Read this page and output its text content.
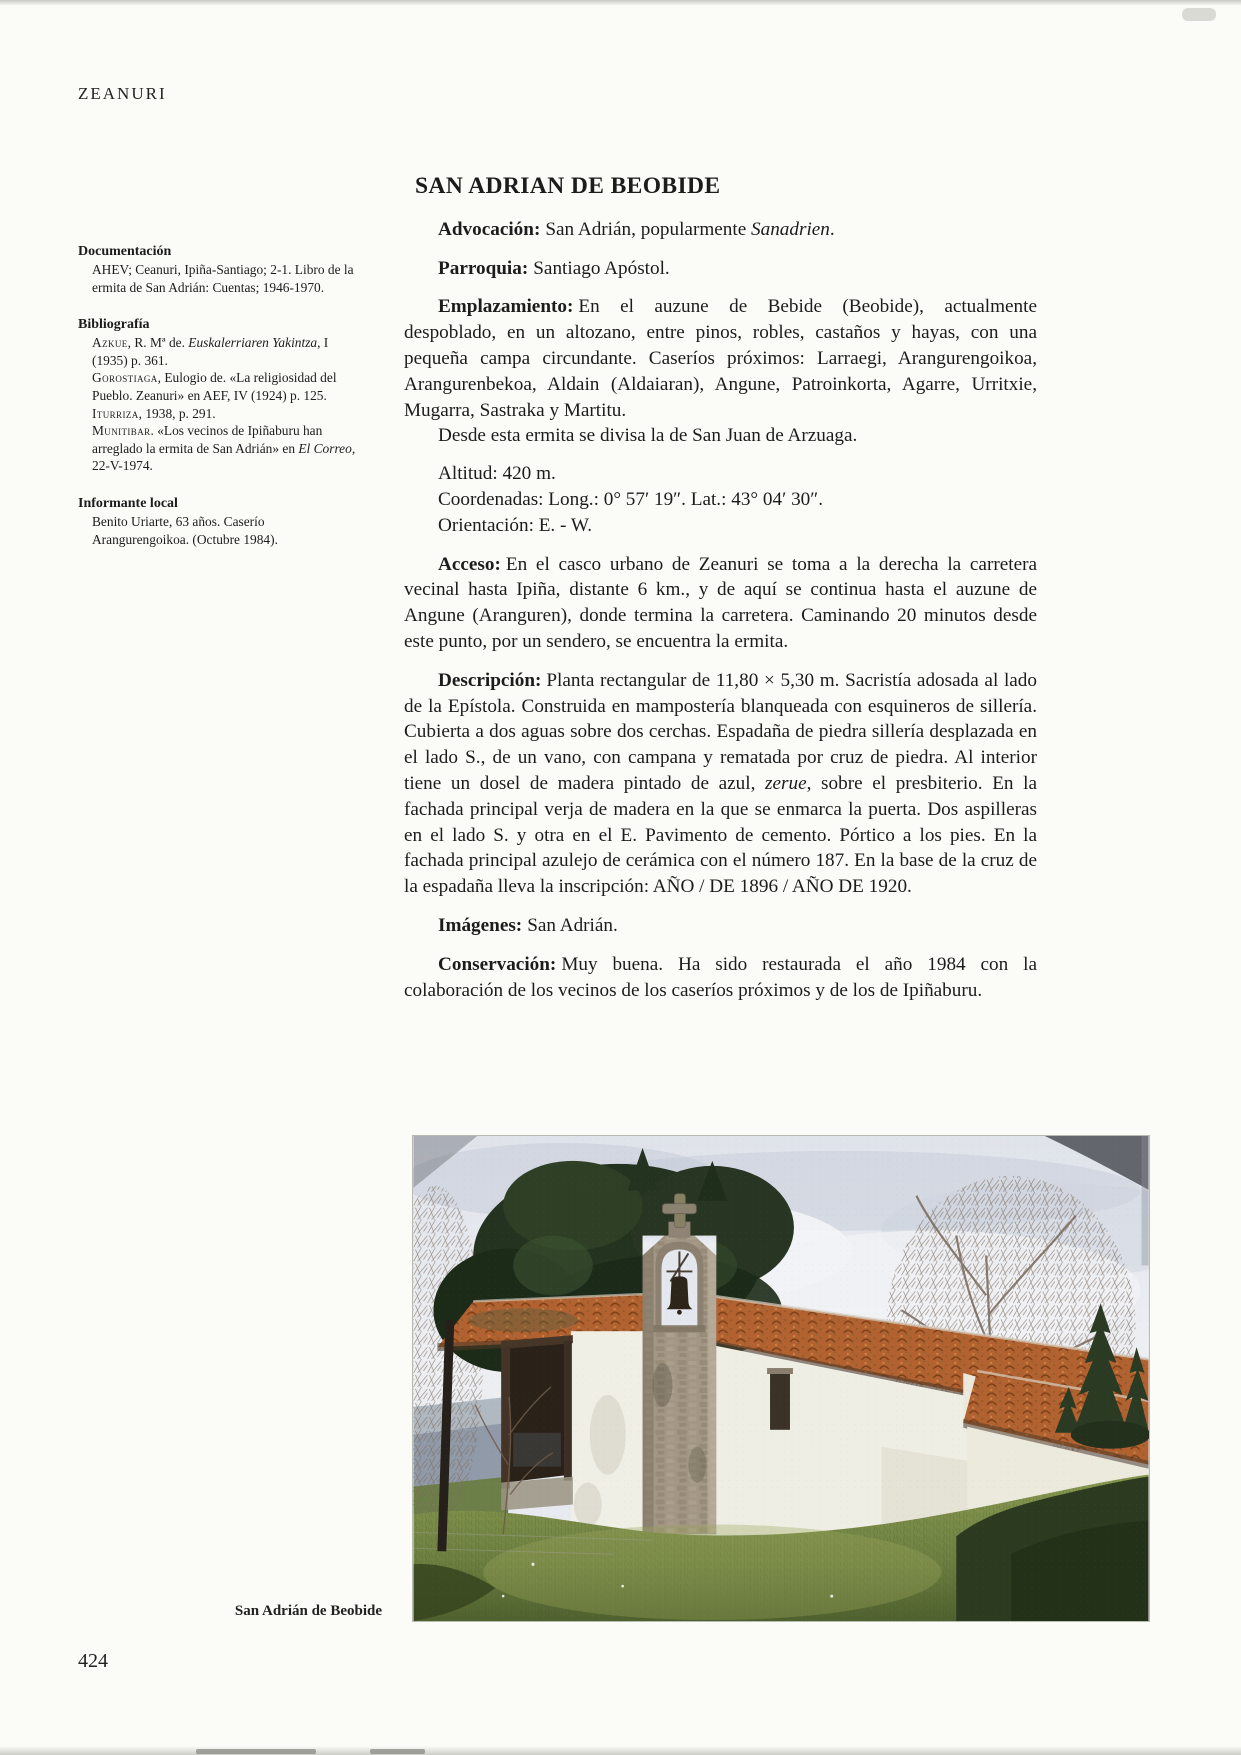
ZEANURI
Documentación

AHEV; Ceanuri, Ipiña-Santiago; 2-1. Libro de la ermita de San Adrián: Cuentas; 1946-1970.

Bibliografía

Azkue, R. Mª de. Euskalerriaren Yakintza, I (1935) p. 361.

Gorostiaga, Eulogio de. «La religiosidad del Pueblo. Zeanuri» en AEF, IV (1924) p. 125.

Iturriza, 1938, p. 291.

Munitibar. «Los vecinos de Ipiñaburu han arreglado la ermita de San Adrián» en El Correo, 22-V-1974.

Informante local

Benito Uriarte, 63 años. Caserío Arangurengoikoa. (Octubre 1984).

SAN ADRIAN DE BEOBIDE

Advocación: San Adrián, popularmente Sanadrien.

Parroquia: Santiago Apóstol.

Emplazamiento: En el auzune de Bebide (Beobide), actualmente despoblado, en un altozano, entre pinos, robles, castaños y hayas, con una pequeña campa circundante. Caseríos próximos: Larraegi, Arangurengoikoa, Arangurenbekoa, Aldain (Aldaiaran), Angune, Patroinkorta, Agarre, Urritxie, Mugarra, Sastraka y Martitu.

Desde esta ermita se divisa la de San Juan de Arzuaga.

Altitud: 420 m.

Coordenadas: Long.: 0° 57′ 19″. Lat.: 43° 04′ 30″.

Orientación: E. - W.

Acceso: En el casco urbano de Zeanuri se toma a la derecha la carretera vecinal hasta Ipiña, distante 6 km., y de aquí se continua hasta el auzune de Angune (Aranguren), donde termina la carretera. Caminando 20 minutos desde este punto, por un sendero, se encuentra la ermita.

Descripción: Planta rectangular de 11,80 × 5,30 m. Sacristía adosada al lado de la Epístola. Construida en mampostería blanqueada con esquineros de sillería. Cubierta a dos aguas sobre dos cerchas. Espadaña de piedra sillería desplazada en el lado S., de un vano, con campana y rematada por cruz de piedra. Al interior tiene un dosel de madera pintado de azul, zerue, sobre el presbiterio. En la fachada principal verja de madera en la que se enmarca la puerta. Dos aspilleras en el lado S. y otra en el E. Pavimento de cemento. Pórtico a los pies. En la fachada principal azulejo de cerámica con el número 187. En la base de la cruz de la espadaña lleva la inscripción: AÑO / DE 1896 / AÑO DE 1920.

Imágenes: San Adrián.

Conservación: Muy buena. Ha sido restaurada el año 1984 con la colaboración de los vecinos de los caseríos próximos y de los de Ipiñaburu.

San Adrián de Beobide
424
